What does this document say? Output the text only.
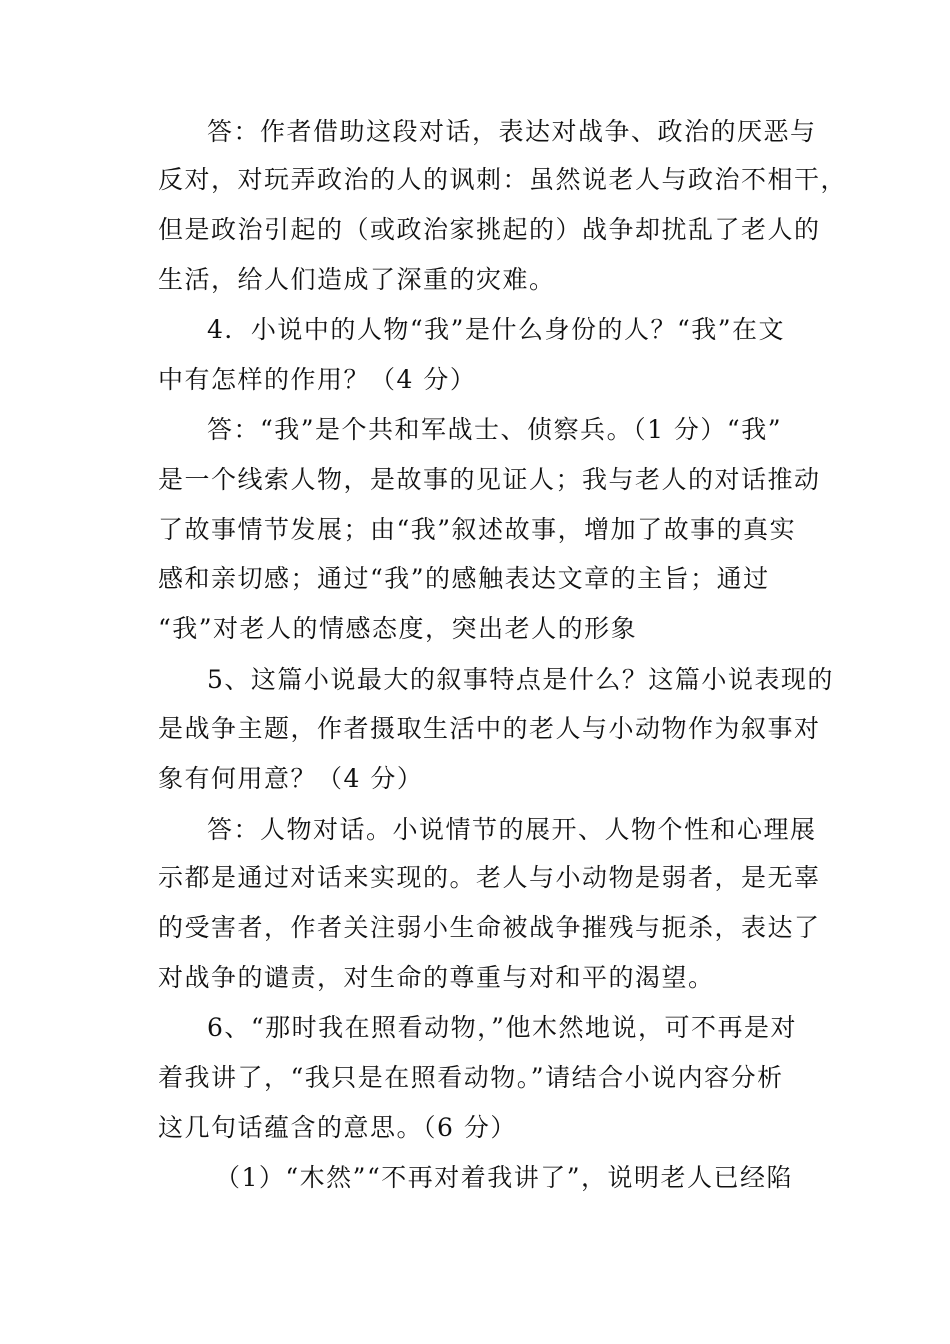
答：作者借助这段对话，表达对战争、政治的厌恶与
反对，对玩弄政治的人的讽刺：虽然说老人与政治不相干，
但是政治引起的（或政治家挑起的）战争却扰乱了老人的
生活，给人们造成了深重的灾难。
4．小说中的人物“我”是什么身份的人？“我”在文
中有怎样的作用？（4 分）
答：“我”是个共和军战士、侦察兵。（1 分）“我”
是一个线索人物，是故事的见证人；我与老人的对话推动
了故事情节发展；由“我”叙述故事，增加了故事的真实
感和亲切感；通过“我”的感触表达文章的主旨；通过
“我”对老人的情感态度，突出老人的形象
5、这篇小说最大的叙事特点是什么？这篇小说表现的
是战争主题，作者摄取生活中的老人与小动物作为叙事对
象有何用意？（4 分）
答：人物对话。小说情节的展开、人物个性和心理展
示都是通过对话来实现的。老人与小动物是弱者，是无辜
的受害者，作者关注弱小生命被战争摧残与扼杀，表达了
对战争的谴责，对生命的尊重与对和平的渴望。
6、“那时我在照看动物，”他木然地说，可不再是对
着我讲了，“我只是在照看动物。”请结合小说内容分析
这几句话蕴含的意思。（6 分）
（1）“木然”“不再对着我讲了”，说明老人已经陷
